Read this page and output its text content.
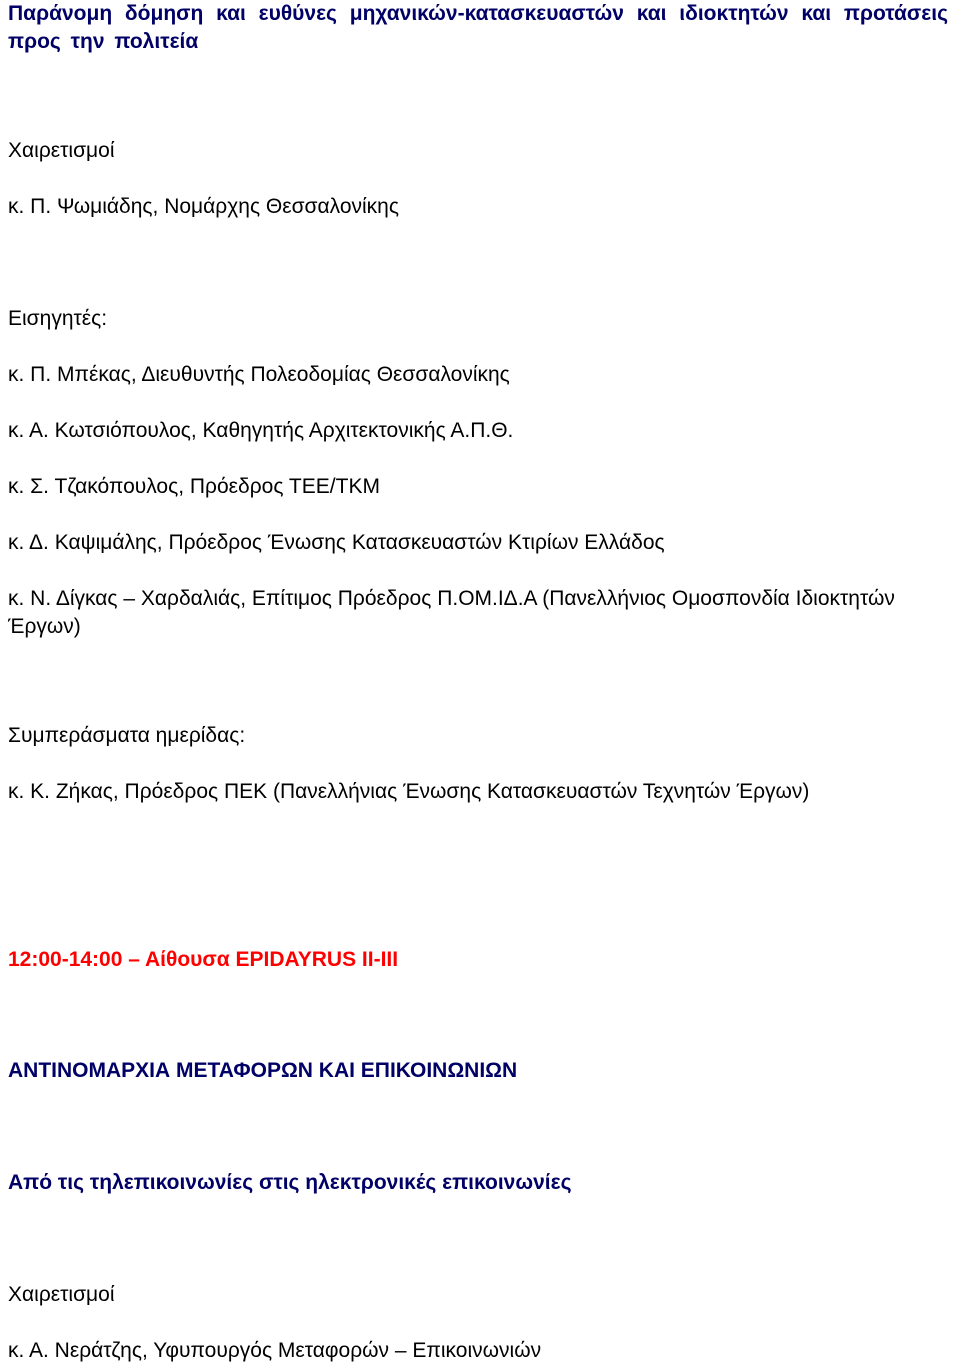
Παράνομη δόμηση και ευθύνες μηχανικών-κατασκευαστών και ιδιοκτητών και προτάσεις προς την πολιτεία

Χαιρετισμοί

κ. Π. Ψωμιάδης, Νομάρχης Θεσσαλονίκης

Εισηγητές:

κ. Π. Μπέκας, Διευθυντής Πολεοδομίας Θεσσαλονίκης

κ. Α. Κωτσιόπουλος, Καθηγητής Αρχιτεκτονικής Α.Π.Θ.

κ. Σ. Τζακόπουλος, Πρόεδρος ΤΕΕ/ΤΚΜ

κ. Δ. Καψιμάλης, Πρόεδρος Ένωσης Κατασκευαστών Κτιρίων Ελλάδος

κ. Ν. Δίγκας – Χαρδαλιάς, Επίτιμος Πρόεδρος Π.ΟΜ.ΙΔ.Α (Πανελλήνιος Ομοσπονδία Ιδιοκτητών Έργων)

Συμπεράσματα ημερίδας:

κ. Κ. Ζήκας, Πρόεδρος ΠΕΚ (Πανελλήνιας Ένωσης Κατασκευαστών Τεχνητών Έργων)

12:00-14:00 – Αίθουσα EPIDAYRUS II-III

ΑΝΤΙΝΟΜΑΡΧΙΑ ΜΕΤΑΦΟΡΩΝ ΚΑΙ ΕΠΙΚΟΙΝΩΝΙΩΝ

Από τις τηλεπικοινωνίες στις ηλεκτρονικές επικοινωνίες

Χαιρετισμοί

κ. Α. Νεράτζης, Υφυπουργός Μεταφορών – Επικοινωνιών
